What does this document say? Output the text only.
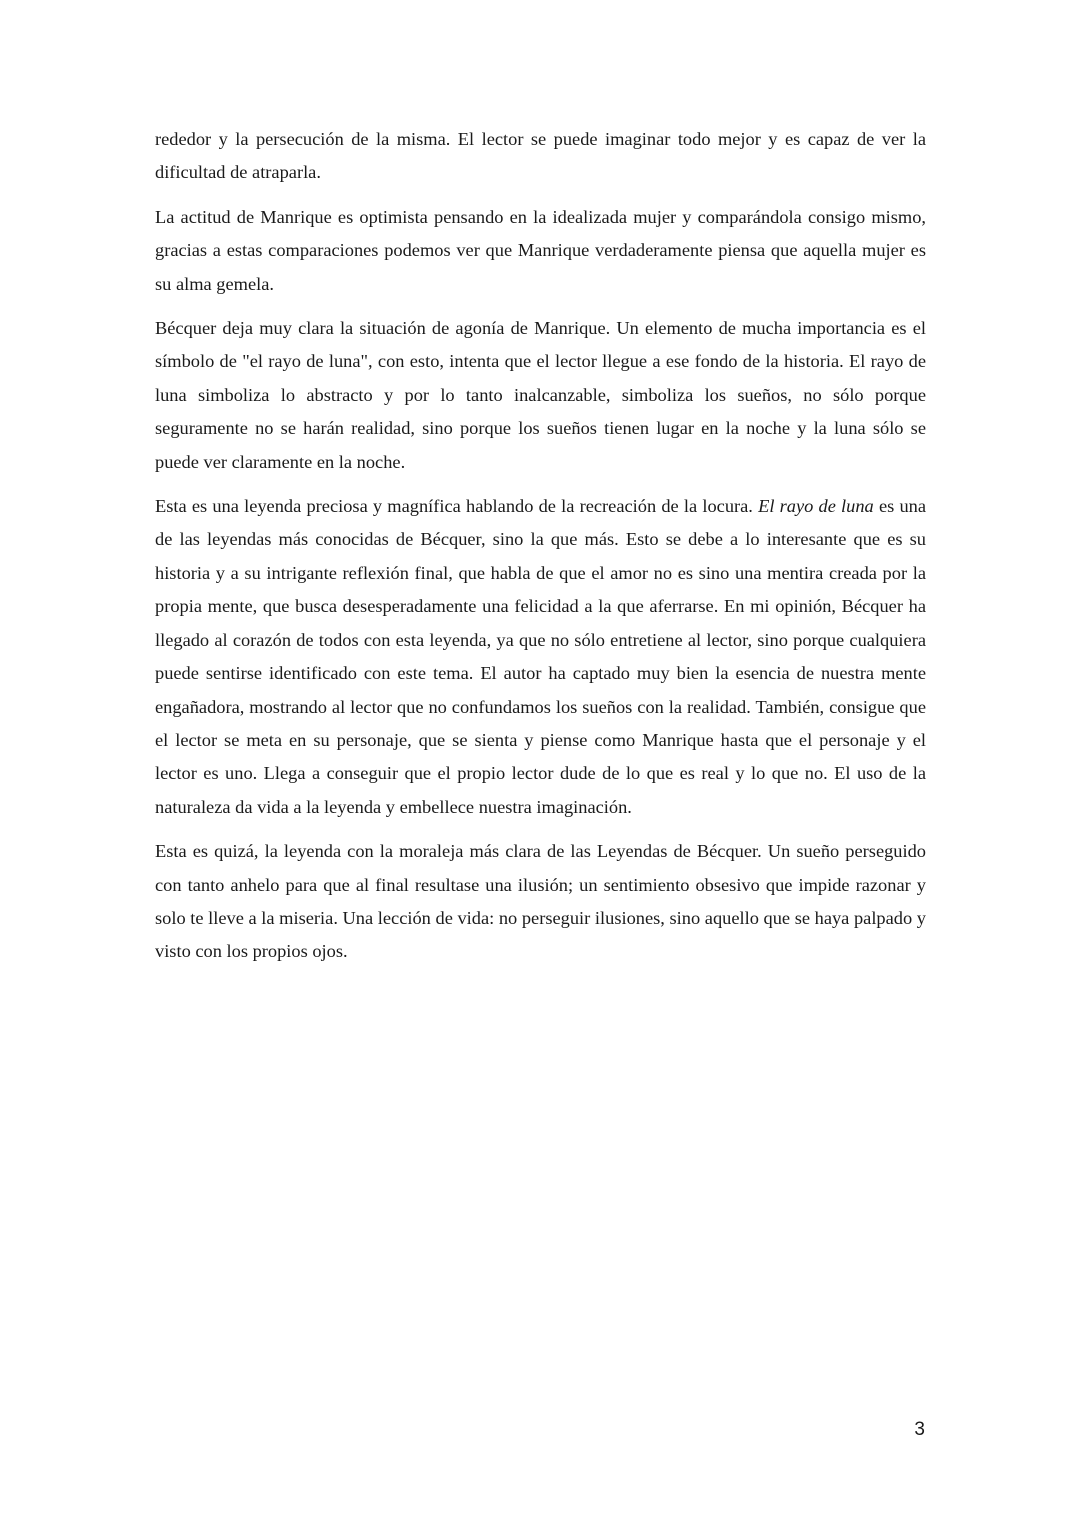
rededor y la persecución de la misma. El lector se puede imaginar todo mejor y es capaz de ver la dificultad de atraparla.

La actitud de Manrique es optimista pensando en la idealizada mujer y comparándola consigo mismo, gracias a estas comparaciones podemos ver que Manrique verdaderamente piensa que aquella mujer es su alma gemela.

Bécquer deja muy clara la situación de agonía de Manrique. Un elemento de mucha importancia es el símbolo de "el rayo de luna", con esto, intenta que el lector llegue a ese fondo de la historia. El rayo de luna simboliza lo abstracto y por lo tanto inalcanzable, simboliza los sueños, no sólo porque seguramente no se harán realidad, sino porque los sueños tienen lugar en la noche y la luna sólo se puede ver claramente en la noche.

Esta es una leyenda preciosa y magnífica hablando de la recreación de la locura. El rayo de luna es una de las leyendas más conocidas de Bécquer, sino la que más. Esto se debe a lo interesante que es su historia y a su intrigante reflexión final, que habla de que el amor no es sino una mentira creada por la propia mente, que busca desesperadamente una felicidad a la que aferrarse. En mi opinión, Bécquer ha llegado al corazón de todos con esta leyenda, ya que no sólo entretiene al lector, sino porque cualquiera puede sentirse identificado con este tema. El autor ha captado muy bien la esencia de nuestra mente engañadora, mostrando al lector que no confundamos los sueños con la realidad. También, consigue que el lector se meta en su personaje, que se sienta y piense como Manrique hasta que el personaje y el lector es uno. Llega a conseguir que el propio lector dude de lo que es real y lo que no. El uso de la naturaleza da vida a la leyenda y embellece nuestra imaginación.

Esta es quizá, la leyenda con la moraleja más clara de las Leyendas de Bécquer. Un sueño perseguido con tanto anhelo para que al final resultase una ilusión; un sentimiento obsesivo que impide razonar y solo te lleve a la miseria. Una lección de vida: no perseguir ilusiones, sino aquello que se haya palpado y visto con los propios ojos.

3
